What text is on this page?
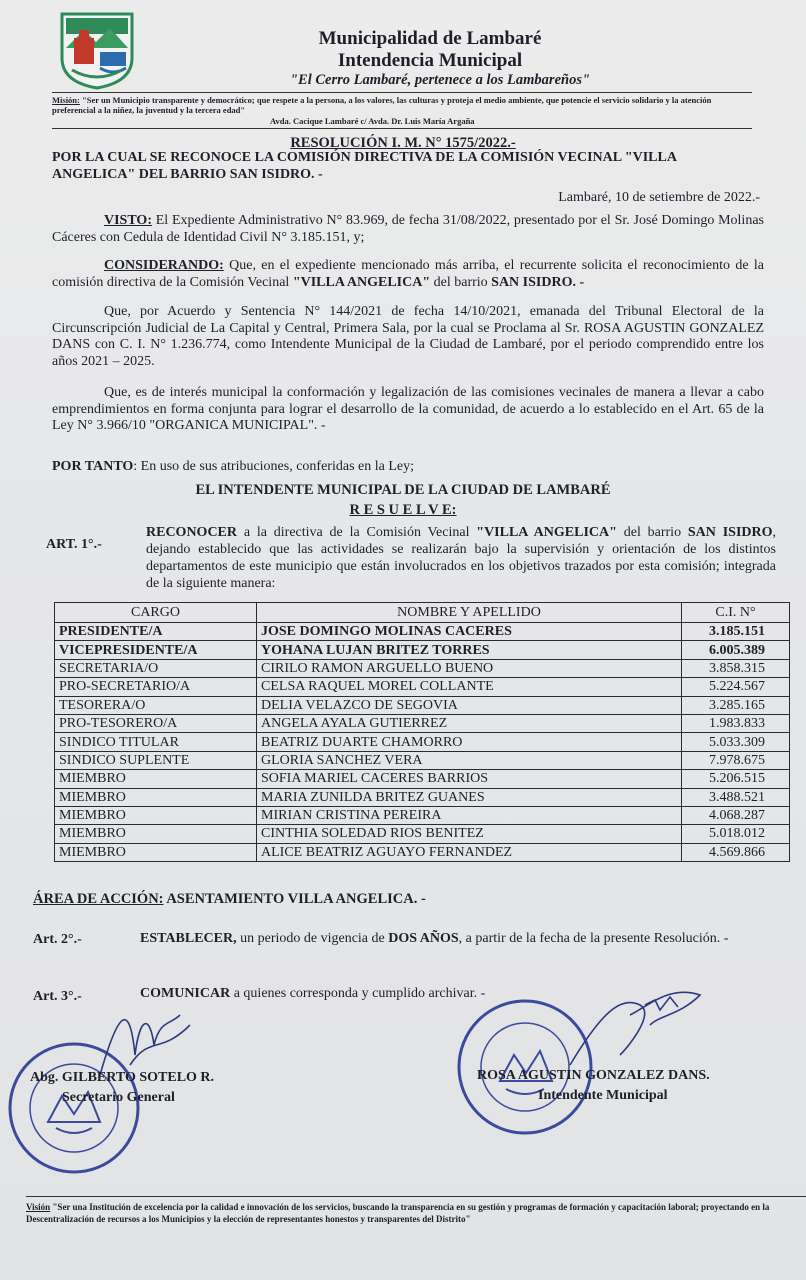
Municipalidad de Lambaré
Intendencia Municipal
"El Cerro Lambaré, pertenece a los Lambareños"
Misión: "Ser un Municipio transparente y democrático; que respete a la persona, a los valores, las culturas y proteja el medio ambiente, que potencie el servicio solidario y la atención preferencial a la niñez, la juventud y la tercera edad"
Avda. Cacique Lambaré c/ Avda. Dr. Luis María Argaña
RESOLUCIÓN I. M. N° 1575/2022.-
POR LA CUAL SE RECONOCE LA COMISIÓN DIRECTIVA DE LA COMISIÓN VECINAL "VILLA ANGELICA" DEL BARRIO SAN ISIDRO. -
Lambaré, 10 de setiembre de 2022.-
VISTO: El Expediente Administrativo N° 83.969, de fecha 31/08/2022, presentado por el Sr. José Domingo Molinas Cáceres con Cedula de Identidad Civil N° 3.185.151, y;
CONSIDERANDO: Que, en el expediente mencionado más arriba, el recurrente solicita el reconocimiento de la comisión directiva de la Comisión Vecinal "VILLA ANGELICA" del barrio SAN ISIDRO. -
Que, por Acuerdo y Sentencia N° 144/2021 de fecha 14/10/2021, emanada del Tribunal Electoral de la Circunscripción Judicial de La Capital y Central, Primera Sala, por la cual se Proclama al Sr. ROSA AGUSTIN GONZALEZ DANS con C. I. N° 1.236.774, como Intendente Municipal de la Ciudad de Lambaré, por el periodo comprendido entre los años 2021 – 2025.
Que, es de interés municipal la conformación y legalización de las comisiones vecinales de manera a llevar a cabo emprendimientos en forma conjunta para lograr el desarrollo de la comunidad, de acuerdo a lo establecido en el Art. 65 de la Ley N° 3.966/10 "ORGANICA MUNICIPAL". -
POR TANTO: En uso de sus atribuciones, conferidas en la Ley;
EL INTENDENTE MUNICIPAL DE LA CIUDAD DE LAMBARÉ
R E S U E L V E:
ART. 1°.-
RECONOCER a la directiva de la Comisión Vecinal "VILLA ANGELICA" del barrio SAN ISIDRO, dejando establecido que las actividades se realizarán bajo la supervisión y orientación de los distintos departamentos de este municipio que están involucrados en los objetivos trazados por esta comisión; integrada de la siguiente manera:
CARGO	NOMBRE Y APELLIDO	C.I. N°
PRESIDENTE/A	JOSE DOMINGO MOLINAS CACERES	3.185.151
VICEPRESIDENTE/A	YOHANA LUJAN BRITEZ TORRES	6.005.389
SECRETARIA/O	CIRILO RAMON ARGUELLO BUENO	3.858.315
PRO-SECRETARIO/A	CELSA RAQUEL MOREL COLLANTE	5.224.567
TESORERA/O	DELIA VELAZCO DE SEGOVIA	3.285.165
PRO-TESORERO/A	ANGELA AYALA GUTIERREZ	1.983.833
SINDICO TITULAR	BEATRIZ DUARTE CHAMORRO	5.033.309
SINDICO SUPLENTE	GLORIA SANCHEZ VERA	7.978.675
MIEMBRO	SOFIA MARIEL CACERES BARRIOS	5.206.515
MIEMBRO	MARIA ZUNILDA BRITEZ GUANES	3.488.521
MIEMBRO	MIRIAN CRISTINA PEREIRA	4.068.287
MIEMBRO	CINTHIA SOLEDAD RIOS BENITEZ	5.018.012
MIEMBRO	ALICE BEATRIZ AGUAYO FERNANDEZ	4.569.866
ÁREA DE ACCIÓN: ASENTAMIENTO VILLA ANGELICA. -
Art. 2°.-	ESTABLECER, un periodo de vigencia de DOS AÑOS, a partir de la fecha de la presente Resolución. -
Art. 3°.-	COMUNICAR a quienes corresponda y cumplido archivar. -
Abg. GILBERTO SOTELO R.
Secretario General
ROSA AGUSTIN GONZALEZ DANS.
Intendente Municipal
Visión "Ser una Institución de excelencia por la calidad e innovación de los servicios, buscando la transparencia en su gestión y programas de formación y capacitación laboral; proyectando en la Descentralización de recursos a los Municipios y la elección de representantes honestos y transparentes del Distrito"
